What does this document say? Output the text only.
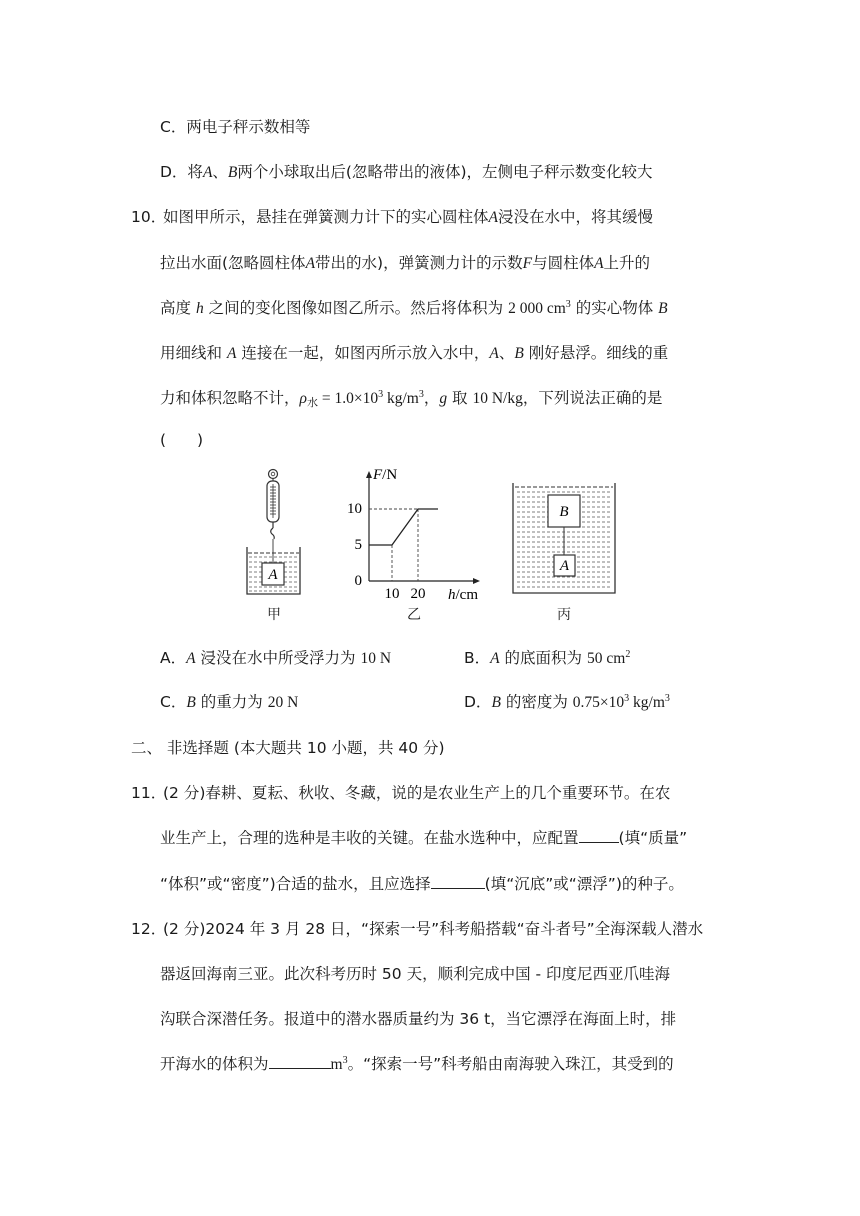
C．两电子秤示数相等
D．将A、B两个小球取出后(忽略带出的液体)，左侧电子秤示数变化较大
10．
如图甲所示，悬挂在弹簧测力计下的实心圆柱体A浸没在水中，将其缓慢
拉出水面(忽略圆柱体A带出的水)，弹簧测力计的示数F与圆柱体A上升的
高度 h 之间的变化图像如图乙所示。然后将体积为 2 000 $cm^3$ 的实心物体 B
用细线和 A 连接在一起，如图丙所示放入水中，A、B 刚好悬浮。细线的重
力和体积忽略不计，$\rho_水 = 1.0\times 10^3$ $kg/m^3$，g 取 10 N/kg，下列说法正确的是
(　　)
A
甲
F/N
10
5
0
10 20 h/cm
乙
B
A
丙
A．A 浸没在水中所受浮力为 10 N	B．A 的底面积为 50 $cm^2$
C．B 的重力为 20 N	D．B 的密度为 $0.75\times 10^3$ $kg/m^3$
二、 非选择题 (本大题共 10 小题，共 40 分)
11．
(2 分)春耕、夏耘、秋收、冬藏，说的是农业生产上的几个重要环节。在农
业生产上，合理的选种是丰收的关键。在盐水选种中，应配置	(填“质量”
“体积”或“密度”)合适的盐水，且应选择	(填“沉底”或“漂浮”)的种子。
12．
(2 分)2024 年 3 月 28 日，“探索一号”科考船搭载“奋斗者号”全海深载人潜水
器返回海南三亚。此次科考历时 50 天，顺利完成中国 - 印度尼西亚爪哇海
沟联合深潜任务。报道中的潜水器质量约为 36 t，当它漂浮在海面上时，排
开海水的体积为	$m^3$。“探索一号”科考船由南海驶入珠江，其受到的
